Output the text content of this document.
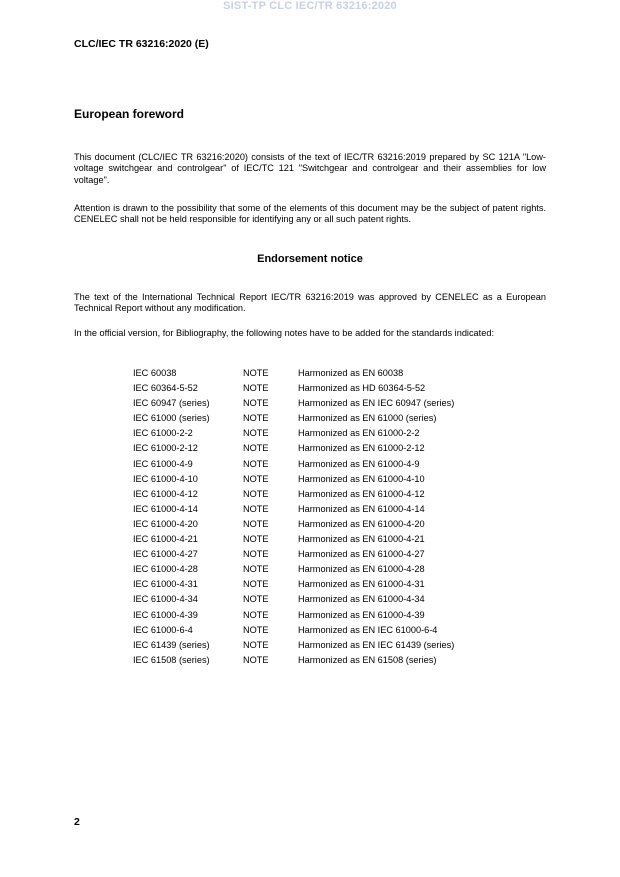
SIST-TP CLC IEC/TR 63216:2020
CLC/IEC TR 63216:2020 (E)
European foreword

This document (CLC/IEC TR 63216:2020) consists of the text of IEC/TR 63216:2019 prepared by SC 121A "Low-voltage switchgear and controlgear" of IEC/TC 121 "Switchgear and controlgear and their assemblies for low voltage".

Attention is drawn to the possibility that some of the elements of this document may be the subject of patent rights. CENELEC shall not be held responsible for identifying any or all such patent rights.

Endorsement notice

The text of the International Technical Report IEC/TR 63216:2019 was approved by CENELEC as a European Technical Report without any modification.

In the official version, for Bibliography, the following notes have to be added for the standards indicated:

IEC 60038	NOTE	Harmonized as EN 60038
IEC 60364-5-52	NOTE	Harmonized as HD 60364-5-52
IEC 60947 (series)	NOTE	Harmonized as EN IEC 60947 (series)
IEC 61000 (series)	NOTE	Harmonized as EN 61000 (series)
IEC 61000-2-2	NOTE	Harmonized as EN 61000-2-2
IEC 61000-2-12	NOTE	Harmonized as EN 61000-2-12
IEC 61000-4-9	NOTE	Harmonized as EN 61000-4-9
IEC 61000-4-10	NOTE	Harmonized as EN 61000-4-10
IEC 61000-4-12	NOTE	Harmonized as EN 61000-4-12
IEC 61000-4-14	NOTE	Harmonized as EN 61000-4-14
IEC 61000-4-20	NOTE	Harmonized as EN 61000-4-20
IEC 61000-4-21	NOTE	Harmonized as EN 61000-4-21
IEC 61000-4-27	NOTE	Harmonized as EN 61000-4-27
IEC 61000-4-28	NOTE	Harmonized as EN 61000-4-28
IEC 61000-4-31	NOTE	Harmonized as EN 61000-4-31
IEC 61000-4-34	NOTE	Harmonized as EN 61000-4-34
IEC 61000-4-39	NOTE	Harmonized as EN 61000-4-39
IEC 61000-6-4	NOTE	Harmonized as EN IEC 61000-6-4
IEC 61439 (series)	NOTE	Harmonized as EN IEC 61439 (series)
IEC 61508 (series)	NOTE	Harmonized as EN 61508 (series)
2
